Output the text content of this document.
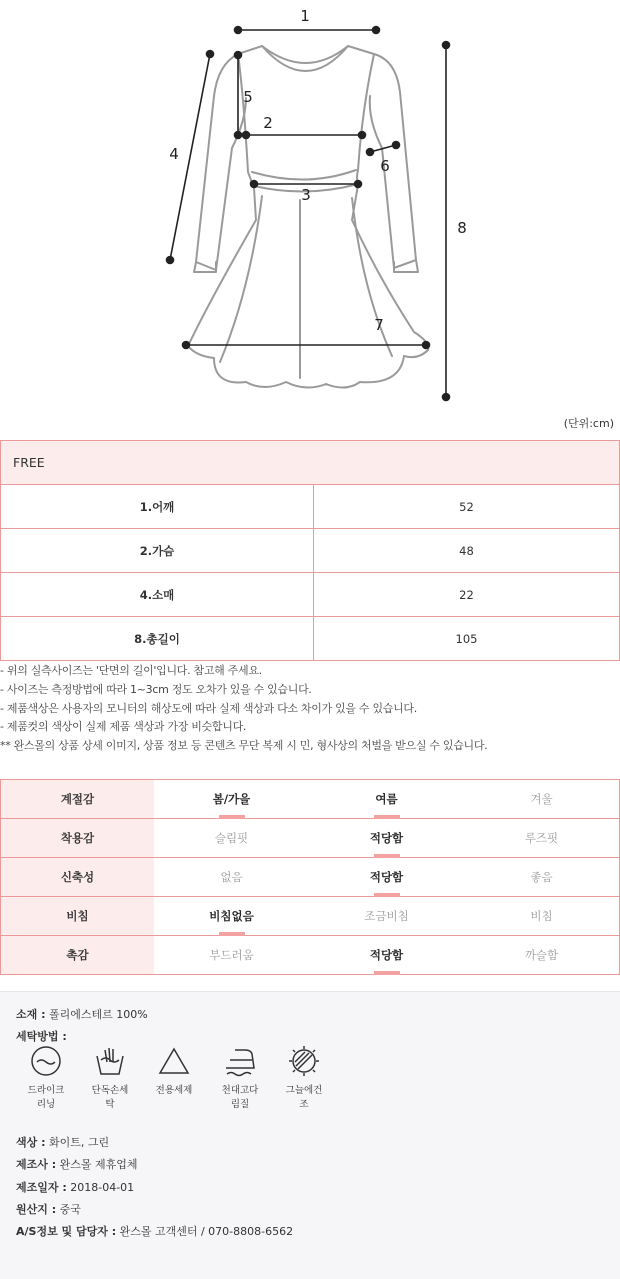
1
2
3
4
5
6
7
8
(단위:cm)
FREE	
1.어깨	52
2.가슴	48
4.소매	22
8.총길이	105
- 위의 실측사이즈는 '단면의 길이'입니다. 참고해 주세요.
- 사이즈는 측정방법에 따라 1~3cm 정도 오차가 있을 수 있습니다.
- 제품색상은 사용자의 모니터의 해상도에 따라 실제 색상과 다소 차이가 있을 수 있습니다.
- 제품컷의 색상이 실제 제품 색상과 가장 비슷합니다.
** 완스몰의 상품 상세 이미지, 상품 정보 등 콘텐츠 무단 복제 시 민, 형사상의 처벌을 받으실 수 있습니다.
계절감	봄/가을	여름	겨울
착용감	슬림핏	적당함	루즈핏
신축성	없음	적당함	좋음
비침	비침없음	조금비침	비침
촉감	부드러움	적당함	까슬함
소재 : 폴리에스테르 100%
세탁방법 :
드라이크
리닝
단독손세
탁
전용세제	천대고다
림질
그늘에건
조
색상 : 화이트, 그린
제조사 : 완스몰 제휴업체
제조일자 : 2018-04-01
원산지 : 중국
A/S정보 및 담당자 : 완스몰 고객센터 / 070-8808-6562
